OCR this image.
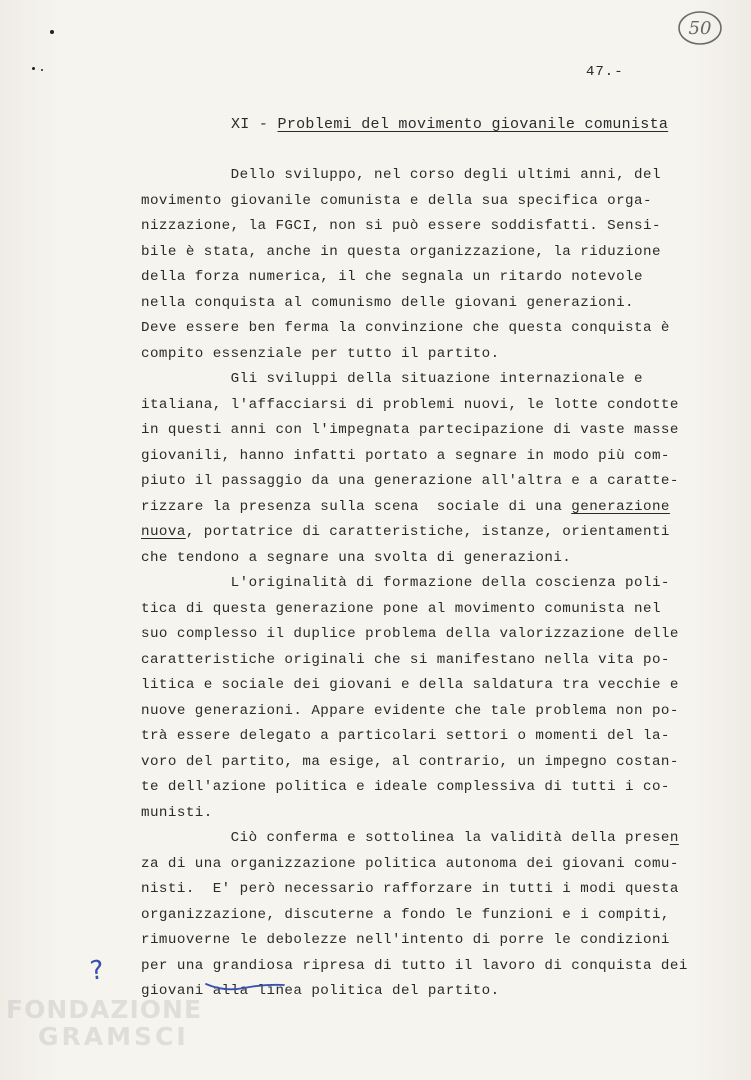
50
47.-
XI - Problemi del movimento giovanile comunista
Dello sviluppo, nel corso degli ultimi anni, del
movimento giovanile comunista e della sua specifica orga-
nizzazione, la FGCI, non si può essere soddisfatti. Sensi-
bile è stata, anche in questa organizzazione, la riduzione
della forza numerica, il che segnala un ritardo notevole
nella conquista al comunismo delle giovani generazioni.
Deve essere ben ferma la convinzione che questa conquista è
compito essenziale per tutto il partito.
Gli sviluppi della situazione internazionale e
italiana, l'affacciarsi di problemi nuovi, le lotte condotte
in questi anni con l'impegnata partecipazione di vaste masse
giovanili, hanno infatti portato a segnare in modo più com-
piuto il passaggio da una generazione all'altra e a caratte-
rizzare la presenza sulla scena  sociale di una generazione
nuova, portatrice di caratteristiche, istanze, orientamenti
che tendono a segnare una svolta di generazioni.
L'originalità di formazione della coscienza poli-
tica di questa generazione pone al movimento comunista nel
suo complesso il duplice problema della valorizzazione delle
caratteristiche originali che si manifestano nella vita po-
litica e sociale dei giovani e della saldatura tra vecchie e
nuove generazioni. Appare evidente che tale problema non po-
trà essere delegato a particolari settori o momenti del la-
voro del partito, ma esige, al contrario, un impegno costan-
te dell'azione politica e ideale complessiva di tutti i co-
munisti.
Ciò conferma e sottolinea la validità della presen
za di una organizzazione politica autonoma dei giovani comu-
nisti.  E' però necessario rafforzare in tutti i modi questa
organizzazione, discuterne a fondo le funzioni e i compiti,
rimuoverne le debolezze nell'intento di porre le condizioni
per una grandiosa ripresa di tutto il lavoro di conquista dei
giovani alla linea politica del partito.
?
FONDAZIONE
GRAMSCI
